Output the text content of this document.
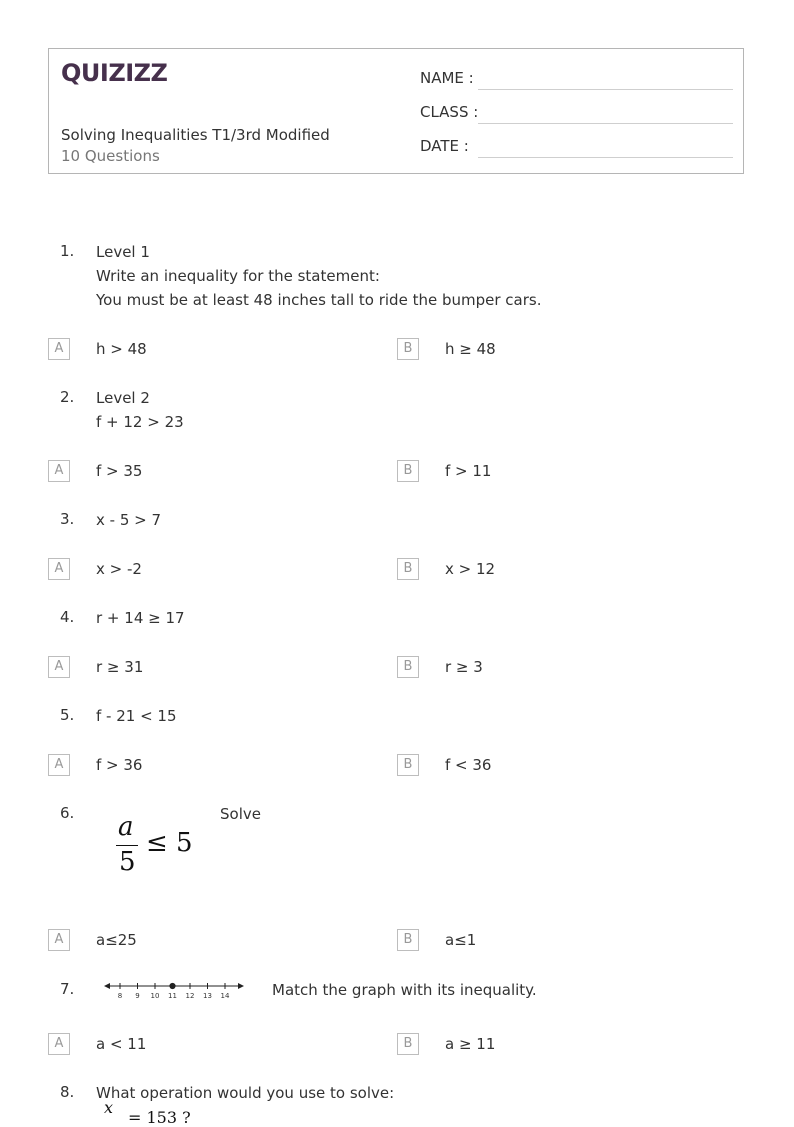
QUIZIZZ
Solving Inequalities T1/3rd Modified
10 Questions
NAME :
CLASS :
DATE :
1. Level 1
Write an inequality for the statement:
You must be at least 48 inches tall to ride the bumper cars.
A	h > 48	B	h ≥ 48
2. Level 2
f + 12 > 23
A	f > 35	B	f > 11
3. x - 5 > 7
A	x > -2	B	x > 12
4. r + 14 ≥ 17
A	r ≥ 31	B	r ≥ 3
5. f - 21 < 15
A	f > 36	B	f < 36
6. a
5
≤ 5
Solve
A	a≤25	B	a≤1
7.	8 9 10 11 12 13 14	Match the graph with its inequality.
A	a < 11	B	a ≥ 11
8. What operation would you use to solve:
x
= 153 ?
